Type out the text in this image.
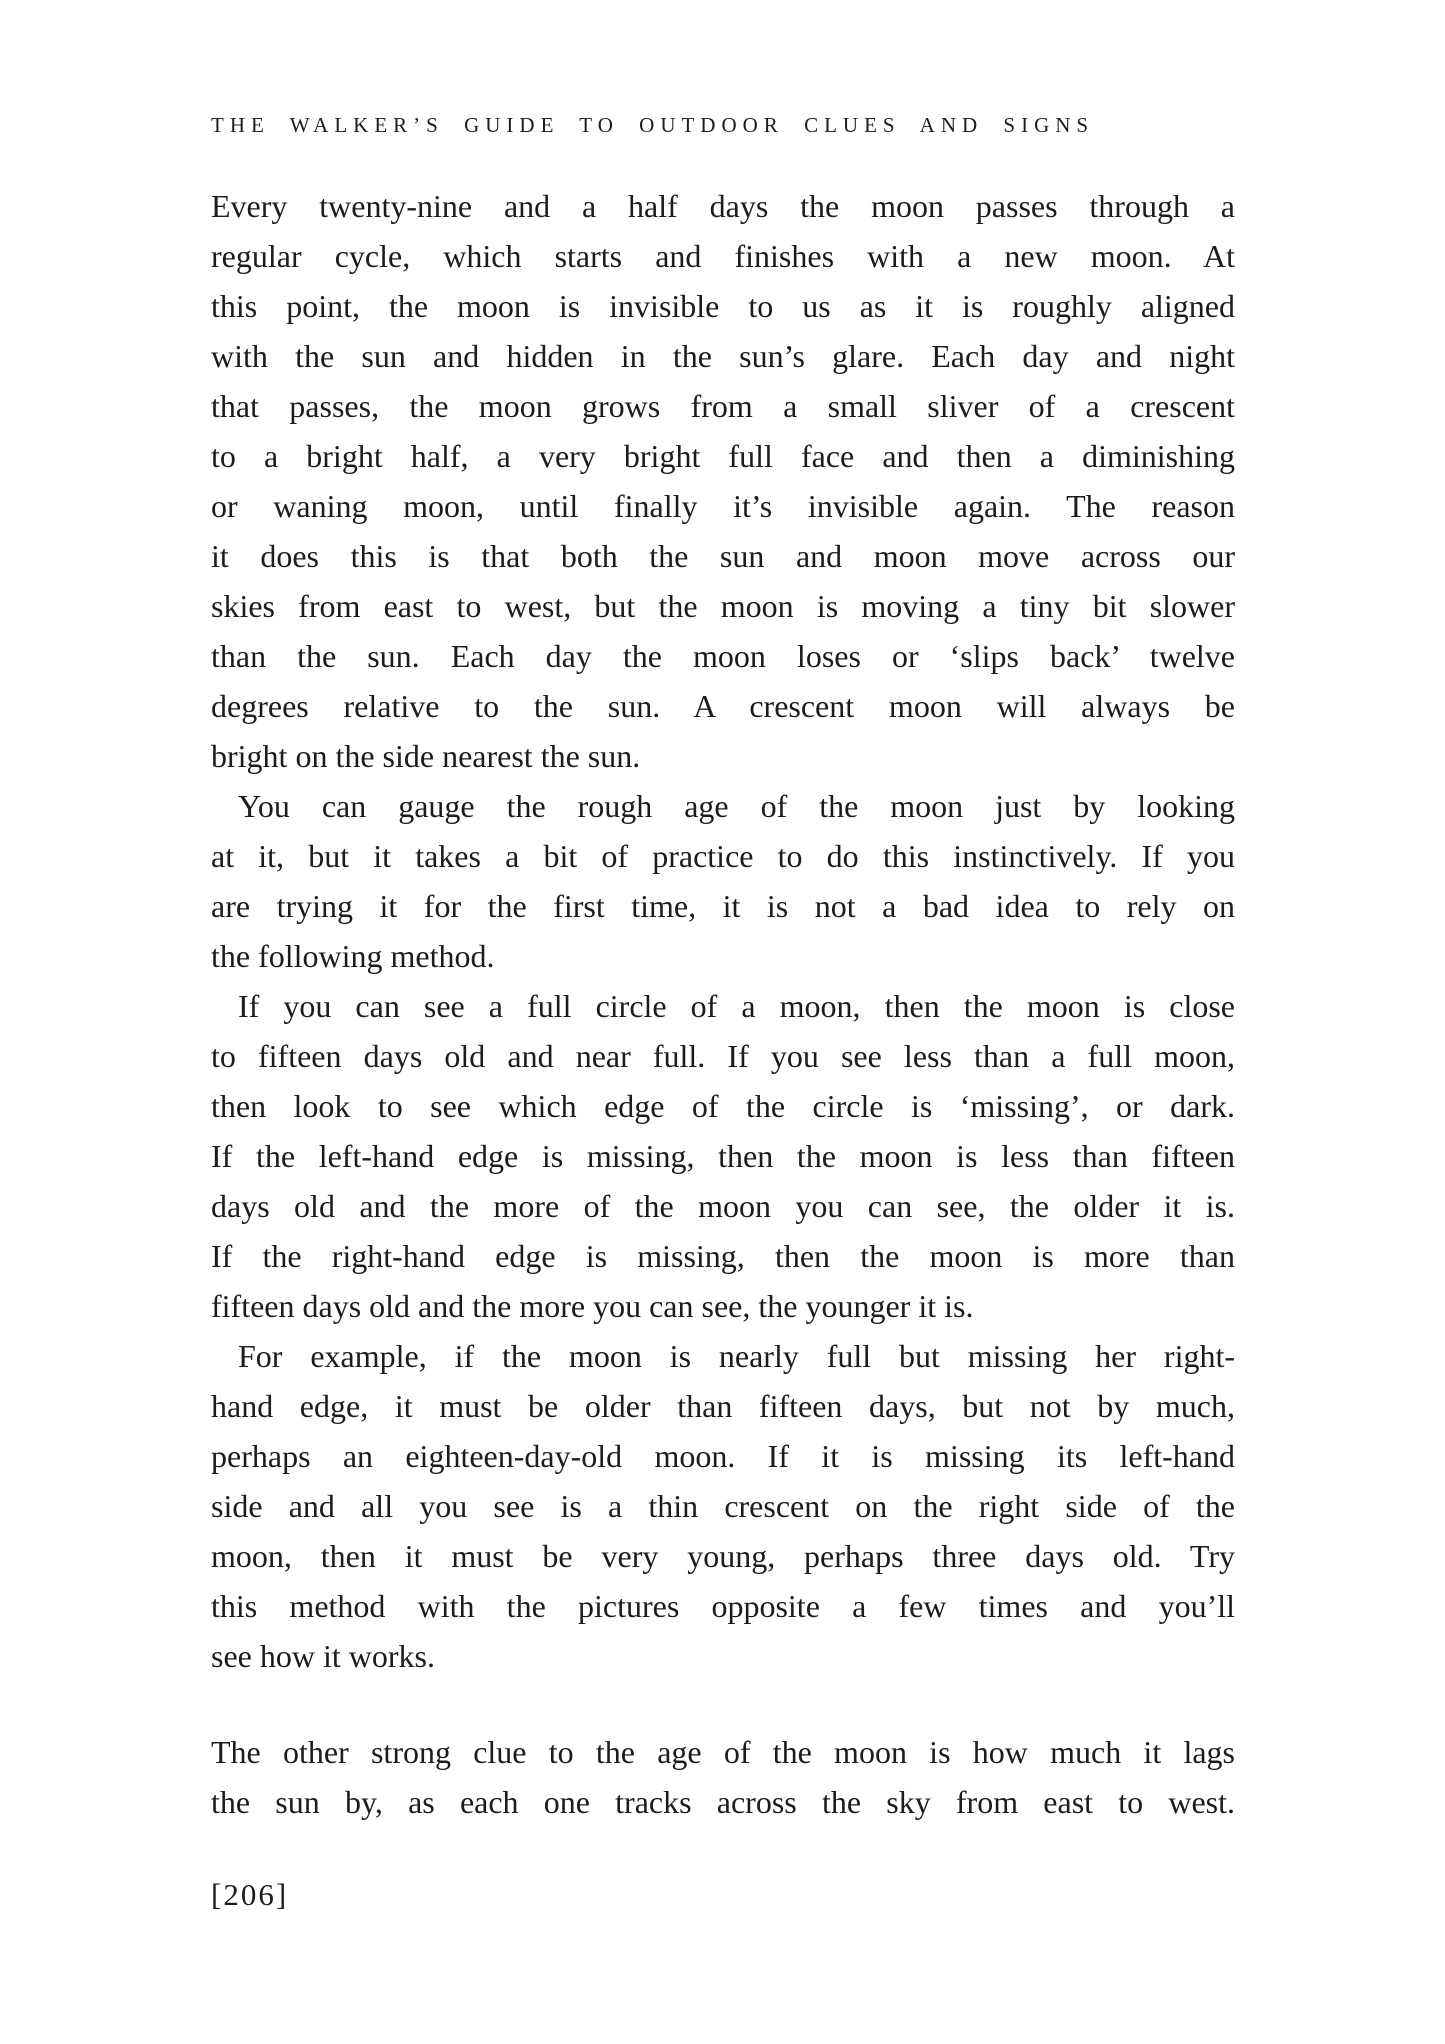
THE WALKER’S GUIDE TO OUTDOOR CLUES AND SIGNS
Every twenty-nine and a half days the moon passes through a
regular cycle, which starts and finishes with a new moon. At
this point, the moon is invisible to us as it is roughly aligned
with the sun and hidden in the sun’s glare. Each day and night
that passes, the moon grows from a small sliver of a crescent
to a bright half, a very bright full face and then a diminishing
or waning moon, until finally it’s invisible again. The reason
it does this is that both the sun and moon move across our
skies from east to west, but the moon is moving a tiny bit slower
than the sun. Each day the moon loses or ‘slips back’ twelve
degrees relative to the sun. A crescent moon will always be
bright on the side nearest the sun.
You can gauge the rough age of the moon just by looking
at it, but it takes a bit of practice to do this instinctively. If you
are trying it for the first time, it is not a bad idea to rely on
the following method.
If you can see a full circle of a moon, then the moon is close
to fifteen days old and near full. If you see less than a full moon,
then look to see which edge of the circle is ‘missing’, or dark.
If the left-hand edge is missing, then the moon is less than fifteen
days old and the more of the moon you can see, the older it is.
If the right-hand edge is missing, then the moon is more than
fifteen days old and the more you can see, the younger it is.
For example, if the moon is nearly full but missing her right-
hand edge, it must be older than fifteen days, but not by much,
perhaps an eighteen-day-old moon. If it is missing its left-hand
side and all you see is a thin crescent on the right side of the
moon, then it must be very young, perhaps three days old. Try
this method with the pictures opposite a few times and you’ll
see how it works.
The other strong clue to the age of the moon is how much it lags
the sun by, as each one tracks across the sky from east to west.
[206]
